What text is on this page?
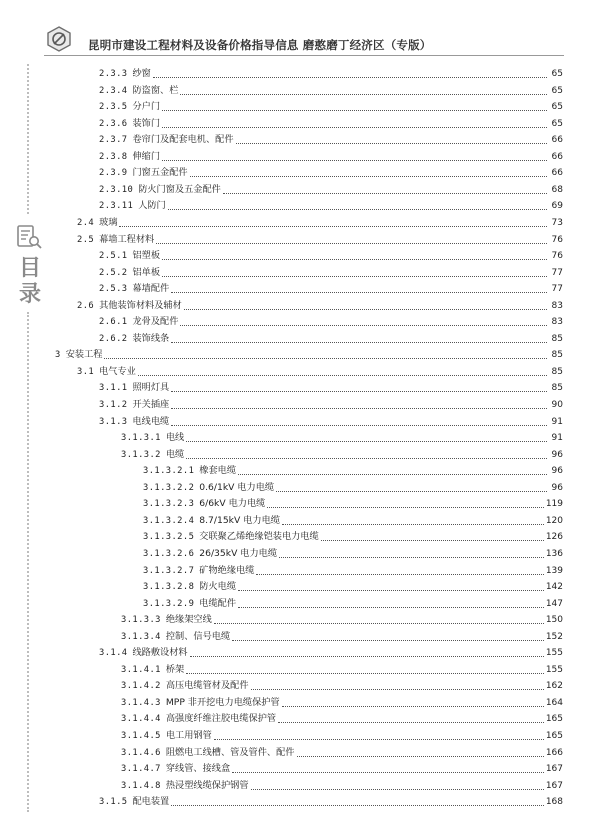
昆明市建设工程材料及设备价格指导信息 磨憨磨丁经济区（专版）
目
录
2.3.3 纱窗	65
2.3.4 防盗窗、栏	65
2.3.5 分户门	65
2.3.6 装饰门	65
2.3.7 卷帘门及配套电机、配件	66
2.3.8 伸缩门	66
2.3.9 门窗五金配件	66
2.3.10 防火门窗及五金配件	68
2.3.11 人防门	69
2.4 玻璃	73
2.5 幕墙工程材料	76
2.5.1 铝塑板	76
2.5.2 铝单板	77
2.5.3 幕墙配件	77
2.6 其他装饰材料及辅材	83
2.6.1 龙骨及配件	83
2.6.2 装饰线条	85
3 安装工程	85
3.1 电气专业	85
3.1.1 照明灯具	85
3.1.2 开关插座	90
3.1.3 电线电缆	91
3.1.3.1 电线	91
3.1.3.2 电缆	96
3.1.3.2.1 橡套电缆	96
3.1.3.2.2 0.6/1kV 电力电缆	96
3.1.3.2.3 6/6kV 电力电缆	119
3.1.3.2.4 8.7/15kV 电力电缆	120
3.1.3.2.5 交联聚乙烯绝缘铠装电力电缆	126
3.1.3.2.6 26/35kV 电力电缆	136
3.1.3.2.7 矿物绝缘电缆	139
3.1.3.2.8 防火电缆	142
3.1.3.2.9 电缆配件	147
3.1.3.3 绝缘架空线	150
3.1.3.4 控制、信号电缆	152
3.1.4 线路敷设材料	155
3.1.4.1 桥架	155
3.1.4.2 高压电缆管材及配件	162
3.1.4.3 MPP 非开挖电力电缆保护管	164
3.1.4.4 高强度纤维注胶电缆保护管	165
3.1.4.5 电工用钢管	165
3.1.4.6 阻燃电工线槽、管及管件、配件	166
3.1.4.7 穿线管、接线盒	167
3.1.4.8 热浸塑线缆保护钢管	167
3.1.5 配电装置	168
